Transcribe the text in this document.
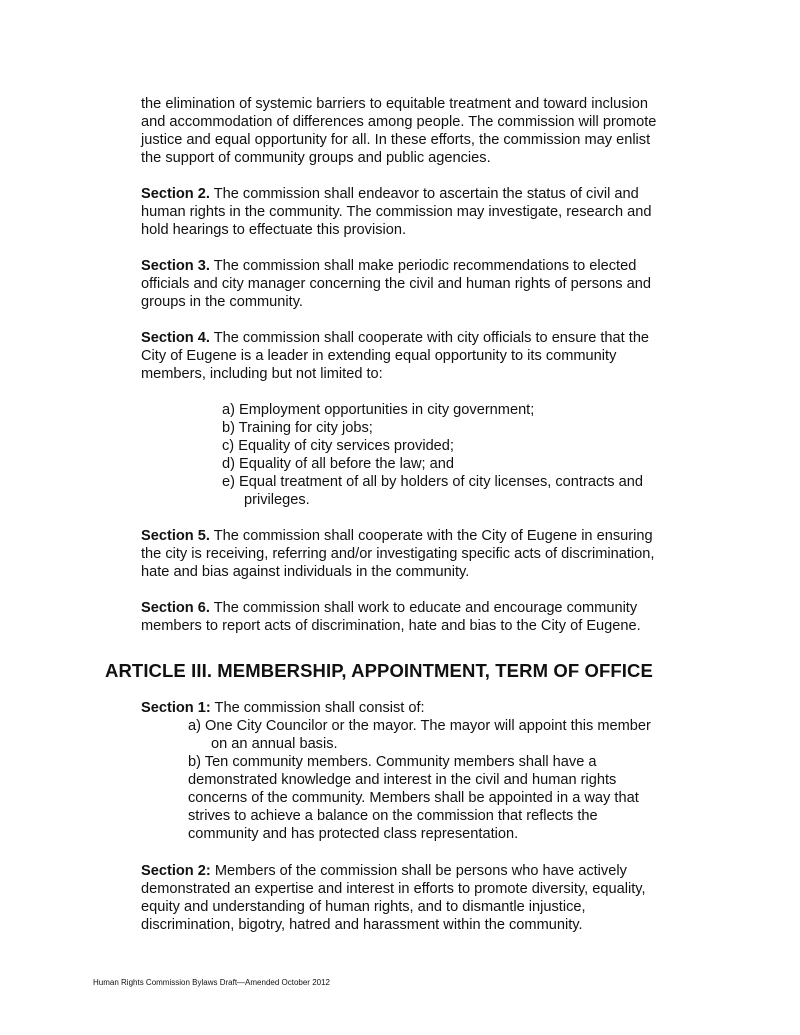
the elimination of systemic barriers to equitable treatment and toward inclusion
and accommodation of differences among people. The commission will promote
justice and equal opportunity for all. In these efforts, the commission may enlist
the support of community groups and public agencies.
Section 2. The commission shall endeavor to ascertain the status of civil and
human rights in the community. The commission may investigate, research and
hold hearings to effectuate this provision.
Section 3. The commission shall make periodic recommendations to elected
officials and city manager concerning the civil and human rights of persons and
groups in the community.
Section 4. The commission shall cooperate with city officials to ensure that the
City of Eugene is a leader in extending equal opportunity to its community
members, including but not limited to:
a) Employment opportunities in city government;
b) Training for city jobs;
c) Equality of city services provided;
d) Equality of all before the law; and
e) Equal treatment of all by holders of city licenses, contracts and
privileges.
Section 5. The commission shall cooperate with the City of Eugene in ensuring
the city is receiving, referring and/or investigating specific acts of discrimination,
hate and bias against individuals in the community.
Section 6. The commission shall work to educate and encourage community
members to report acts of discrimination, hate and bias to the City of Eugene.
ARTICLE III. MEMBERSHIP, APPOINTMENT, TERM OF OFFICE
Section 1: The commission shall consist of:
a) One City Councilor or the mayor. The mayor will appoint this member
on an annual basis.
b) Ten community members. Community members shall have a
demonstrated knowledge and interest in the civil and human rights
concerns of the community. Members shall be appointed in a way that
strives to achieve a balance on the commission that reflects the
community and has protected class representation.
Section 2: Members of the commission shall be persons who have actively
demonstrated an expertise and interest in efforts to promote diversity, equality,
equity and understanding of human rights, and to dismantle injustice,
discrimination, bigotry, hatred and harassment within the community.
Human Rights Commission Bylaws Draft—Amended October 2012
